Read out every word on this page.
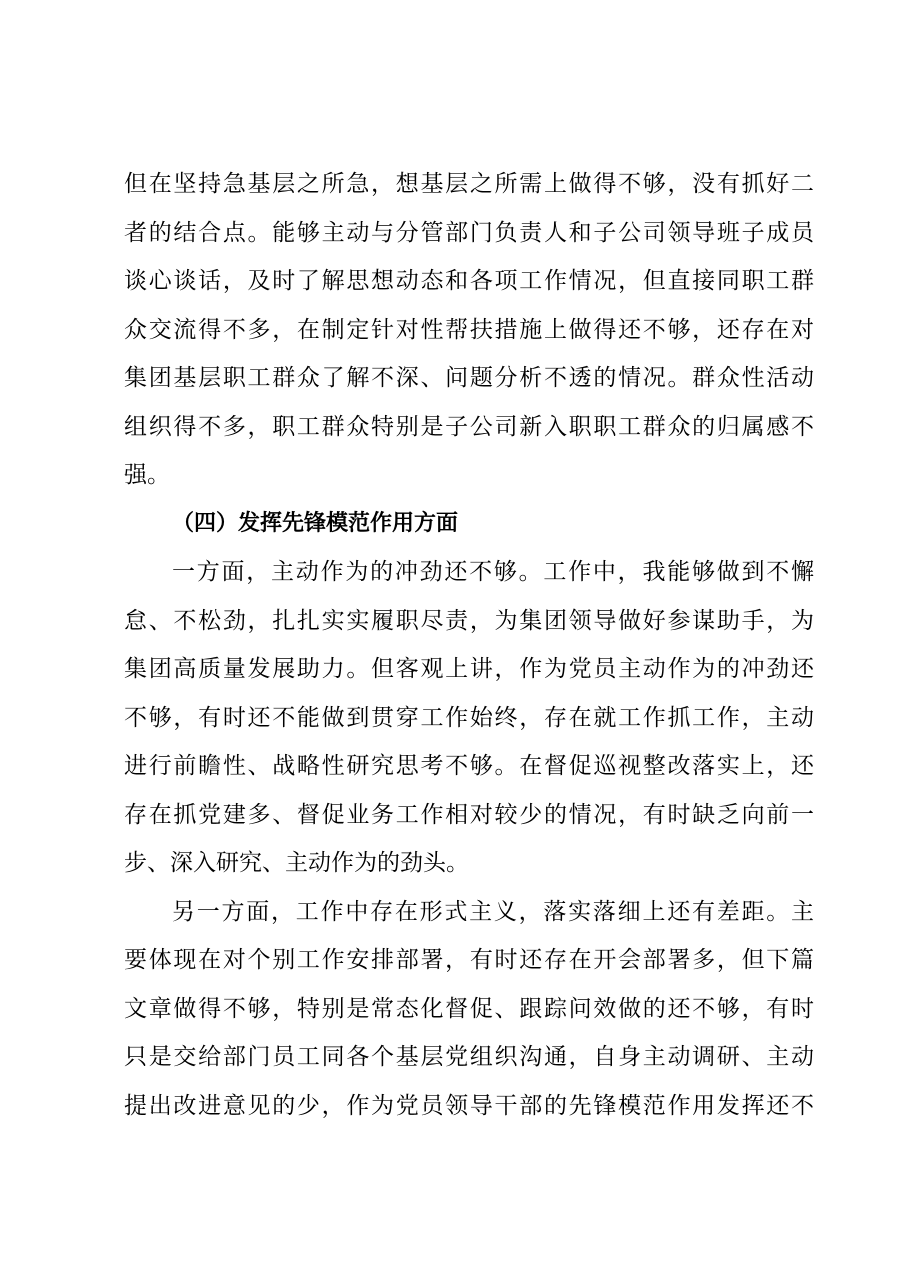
但在坚持急基层之所急，想基层之所需上做得不够，没有抓好二
者的结合点。能够主动与分管部门负责人和子公司领导班子成员
谈心谈话，及时了解思想动态和各项工作情况，但直接同职工群
众交流得不多，在制定针对性帮扶措施上做得还不够，还存在对
集团基层职工群众了解不深、问题分析不透的情况。群众性活动
组织得不多，职工群众特别是子公司新入职职工群众的归属感不
强。
（四）发挥先锋模范作用方面
一方面，主动作为的冲劲还不够。工作中，我能够做到不懈
怠、不松劲，扎扎实实履职尽责，为集团领导做好参谋助手，为
集团高质量发展助力。但客观上讲，作为党员主动作为的冲劲还
不够，有时还不能做到贯穿工作始终，存在就工作抓工作，主动
进行前瞻性、战略性研究思考不够。在督促巡视整改落实上，还
存在抓党建多、督促业务工作相对较少的情况，有时缺乏向前一
步、深入研究、主动作为的劲头。
另一方面，工作中存在形式主义，落实落细上还有差距。主
要体现在对个别工作安排部署，有时还存在开会部署多，但下篇
文章做得不够，特别是常态化督促、跟踪问效做的还不够，有时
只是交给部门员工同各个基层党组织沟通，自身主动调研、主动
提出改进意见的少，作为党员领导干部的先锋模范作用发挥还不
